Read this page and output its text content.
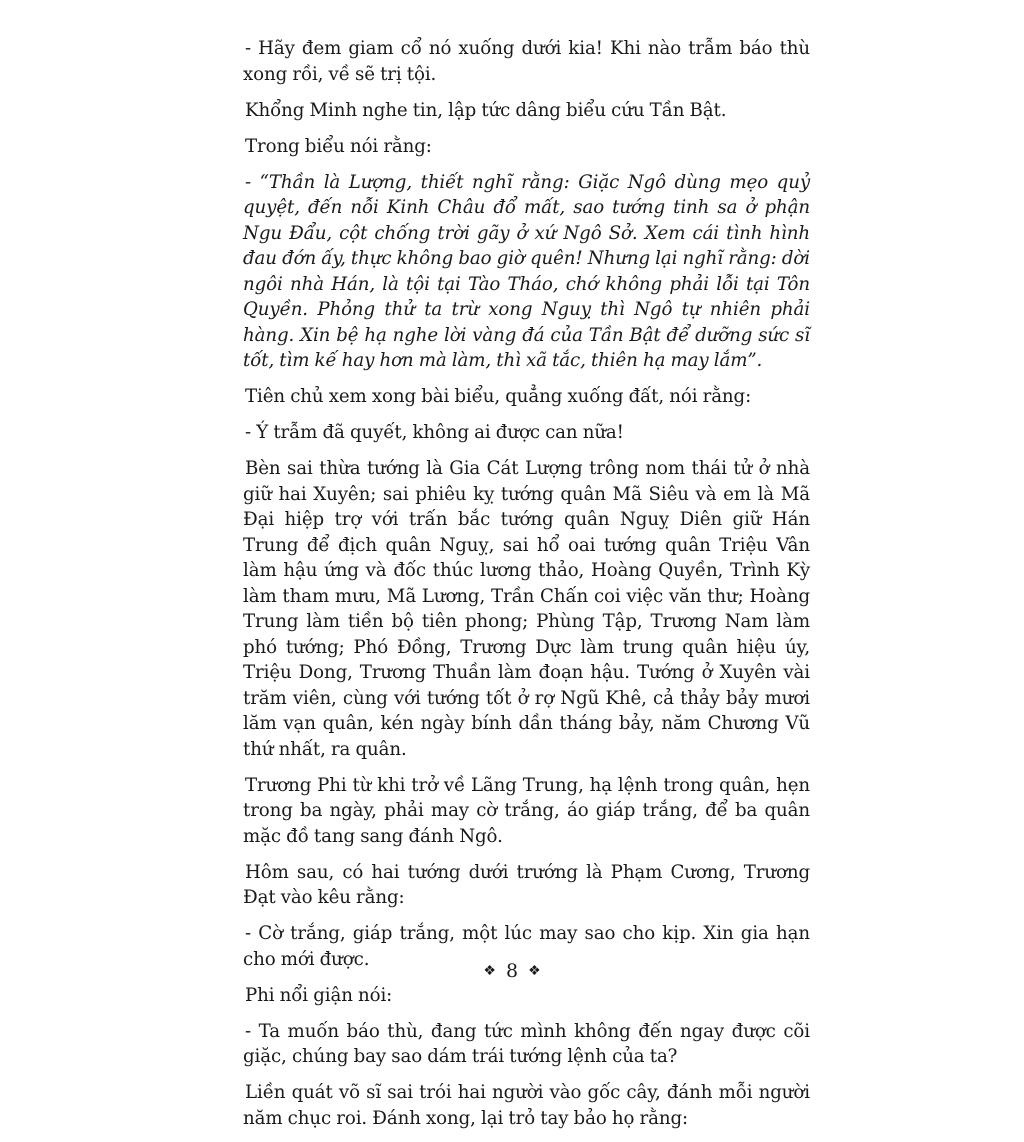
- Hãy đem giam cổ nó xuống dưới kia! Khi nào trẫm báo thù xong rồi, về sẽ trị tội.

Khổng Minh nghe tin, lập tức dâng biểu cứu Tần Bật.

Trong biểu nói rằng:

- “Thần là Lượng, thiết nghĩ rằng: Giặc Ngô dùng mẹo quỷ quyệt, đến nỗi Kinh Châu đổ mất, sao tướng tinh sa ở phận Ngu Đẩu, cột chống trời gãy ở xứ Ngô Sở. Xem cái tình hình đau đớn ấy, thực không bao giờ quên! Nhưng lại nghĩ rằng: dời ngôi nhà Hán, là tội tại Tào Tháo, chớ không phải lỗi tại Tôn Quyền. Phỏng thử ta trừ xong Nguỵ thì Ngô tự nhiên phải hàng. Xin bệ hạ nghe lời vàng đá của Tần Bật để dưỡng sức sĩ tốt, tìm kế hay hơn mà làm, thì xã tắc, thiên hạ may lắm”.

Tiên chủ xem xong bài biểu, quẳng xuống đất, nói rằng:

- Ý trẫm đã quyết, không ai được can nữa!

Bèn sai thừa tướng là Gia Cát Lượng trông nom thái tử ở nhà giữ hai Xuyên; sai phiêu kỵ tướng quân Mã Siêu và em là Mã Đại hiệp trợ với trấn bắc tướng quân Nguỵ Diên giữ Hán Trung để địch quân Nguỵ, sai hổ oai tướng quân Triệu Vân làm hậu ứng và đốc thúc lương thảo, Hoàng Quyền, Trình Kỳ làm tham mưu, Mã Lương, Trần Chấn coi việc văn thư; Hoàng Trung làm tiền bộ tiên phong; Phùng Tập, Trương Nam làm phó tướng; Phó Đồng, Trương Dực làm trung quân hiệu úy, Triệu Dong, Trương Thuần làm đoạn hậu. Tướng ở Xuyên vài trăm viên, cùng với tướng tốt ở rợ Ngũ Khê, cả thảy bảy mươi lăm vạn quân, kén ngày bính dần tháng bảy, năm Chương Vũ thứ nhất, ra quân.

Trương Phi từ khi trở về Lãng Trung, hạ lệnh trong quân, hẹn trong ba ngày, phải may cờ trắng, áo giáp trắng, để ba quân mặc đồ tang sang đánh Ngô.

Hôm sau, có hai tướng dưới trướng là Phạm Cương, Trương Đạt vào kêu rằng:

- Cờ trắng, giáp trắng, một lúc may sao cho kịp. Xin gia hạn cho mới được.

Phi nổi giận nói:

- Ta muốn báo thù, đang tức mình không đến ngay được cõi giặc, chúng bay sao dám trái tướng lệnh của ta?

Liền quát võ sĩ sai trói hai người vào gốc cây, đánh mỗi người năm chục roi. Đánh xong, lại trỏ tay bảo họ rằng:

❖ 8 ❖
